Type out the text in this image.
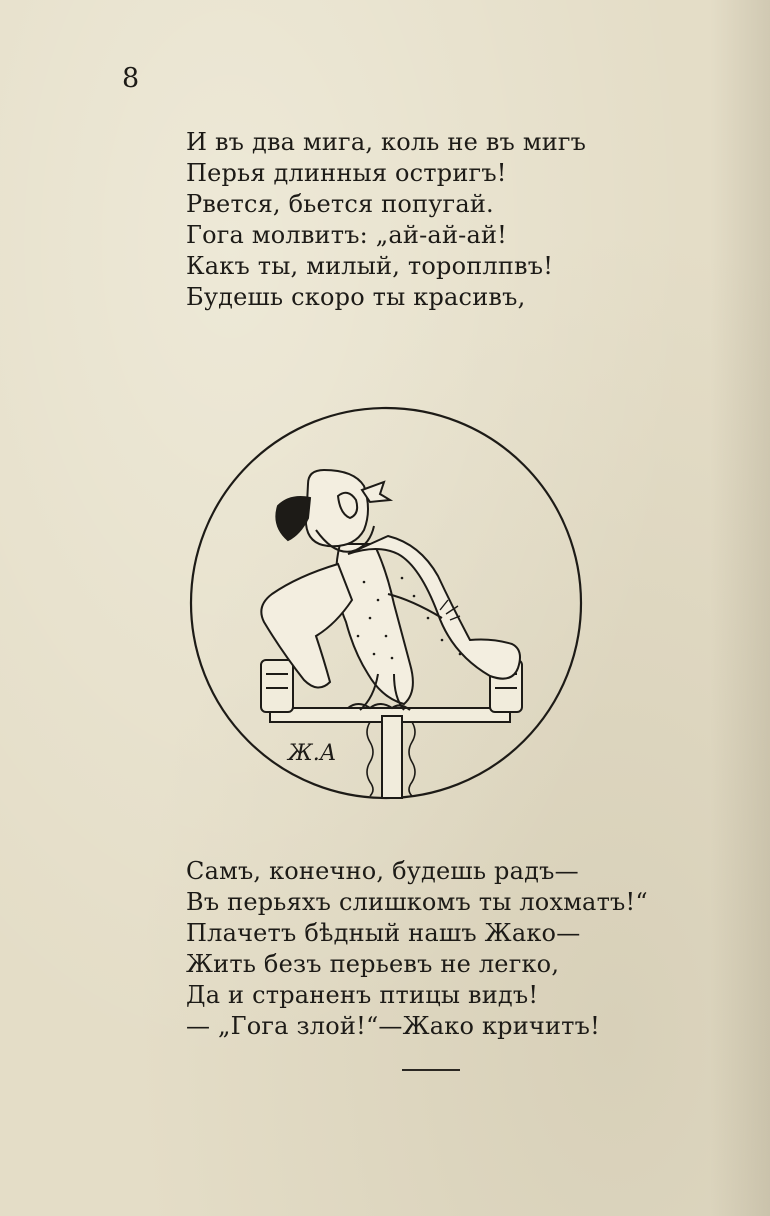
8
И въ два мига, коль не въ мигъ
Перья длинныя остригъ!
Рвется, бьется попугай.
Гога молвитъ: „ай-ай-ай!
Какъ ты, милый, тороплпвъ!
Будешь скоро ты красивъ,
Ж.А
Самъ, конечно, будешь радъ—
Въ перьяхъ слишкомъ ты лохматъ!“
Плачетъ бѣдный нашъ Жако—
Жить безъ перьевъ не легко,
Да и страненъ птицы видъ!
— „Гога злой!“—Жако кричитъ!
